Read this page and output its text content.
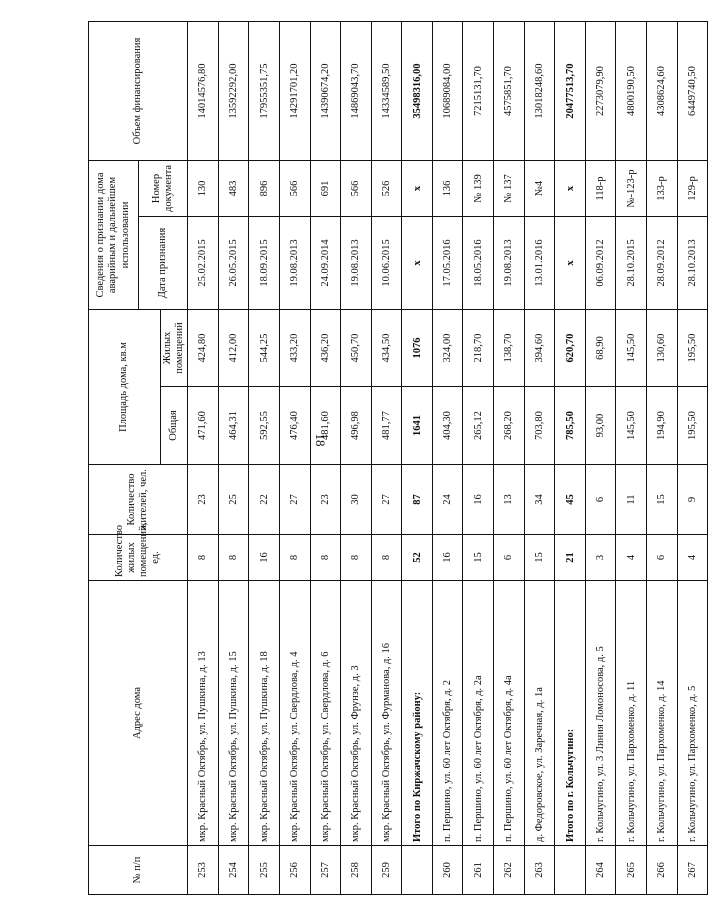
18
№ п/п	Адрес дома	Количество жилых помещений, ед.	Количество жителей, чел.	Площадь дома, кв.м		Сведения о признании дома аварийным и дальнейшем использовании		Объем финансирования
						Дата признания	Номер документа	
				Общая	Жилых помещений			
253	мкр. Красный Октябрь, ул. Пушкина, д. 13	8	23	471,60	424,80	25.02.2015	130	14014576,80
254	мкр. Красный Октябрь, ул. Пушкина, д. 15	8	25	464,31	412,00	26.05.2015	483	13592292,00
255	мкр. Красный Октябрь, ул. Пушкина, д. 18	16	22	592,55	544,25	18.09.2015	896	17955351,75
256	мкр. Красный Октябрь, ул. Свердлова, д. 4	8	27	476,40	433,20	19.08.2013	566	14291701,20
257	мкр. Красный Октябрь, ул. Свердлова, д. 6	8	23	481,60	436,20	24.09.2014	691	14390674,20
258	мкр. Красный Октябрь, ул. Фрунзе, д. 3	8	30	496,98	450,70	19.08.2013	566	14869043,70
259	мкр. Красный Октябрь, ул. Фурманова, д. 16	8	27	481,77	434,50	10.06.2015	526	14334589,50
	Итого по Киржачскому району:	52	87	1641	1076	x	x	35498316,00
260	п. Першино, ул. 60 лет Октября, д. 2	16	24	404,30	324,00	17.05.2016	136	10689084,00
261	п. Першино, ул. 60 лет Октября, д. 2а	15	16	265,12	218,70	18.05.2016	№ 139	7215131,70
262	п. Першино, ул. 60 лет Октября, д. 4а	6	13	268,20	138,70	19.08.2013	№ 137	4575851,70
263	д. Федоровское, ул. Заречная, д. 1а	15	34	703,80	394,60	13.01.2016	№4	13018248,60
	Итого по г. Кольчугино:	21	45	785,50	620,70	x	x	20477513,70
264	г. Кольчугино, ул. 3 Линия Ломоносова, д. 5	3	6	93,00	68,90	06.09.2012	118-р	2273079,90
265	г. Кольчугино, ул. Пархоменко, д. 11	4	11	145,50	145,50	28.10.2015	№-123-р	4800190,50
266	г. Кольчугино, ул. Пархоменко, д. 14	6	15	194,90	130,60	28.09.2012	133-р	4308624,60
267	г. Кольчугино, ул. Пархоменко, д. 5	4	9	195,50	195,50	28.10.2013	129-р	6449740,50
